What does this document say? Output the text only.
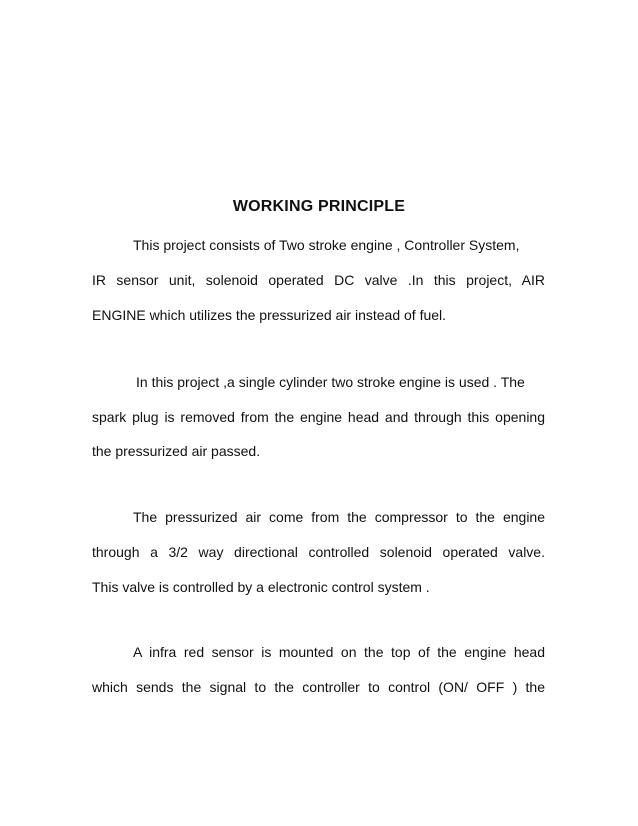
WORKING PRINCIPLE
This project consists of Two stroke engine , Controller System,
IR sensor unit, solenoid operated DC valve .In this project, AIR
ENGINE which utilizes the pressurized air instead of fuel.
In this project ,a single cylinder two stroke engine is used . The
spark plug is removed from the engine head and through this opening
the pressurized air passed.
The pressurized air come from the compressor to the engine
through a 3/2 way directional controlled solenoid operated valve.
This valve is controlled by a electronic control system .
A infra red sensor is mounted on the top of the engine head
which sends the signal to the controller to control (ON/ OFF ) the
